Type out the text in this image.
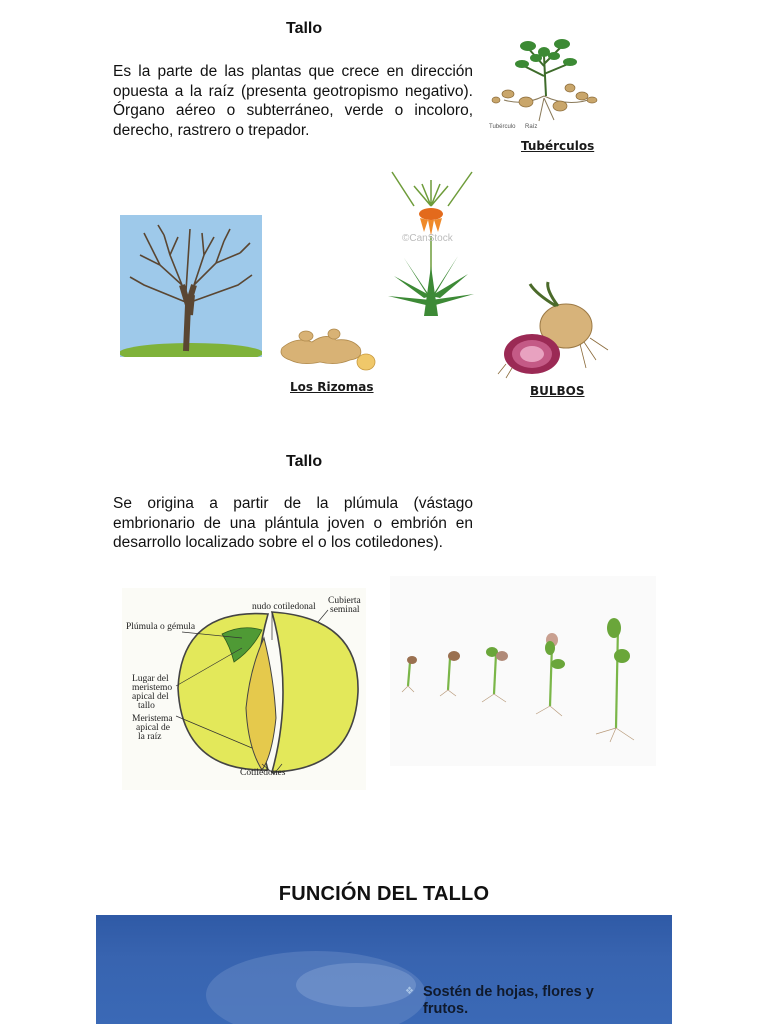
Tallo
Es la parte de las plantas que crece en dirección opuesta a la raíz (presenta geotropismo negativo). Órgano aéreo o subterráneo, verde o incoloro, derecho, rastrero o trepador.	Tubérculo Raíz
Tubérculos
Los Rizomas
©CanStock
BULBOS
Tallo
Se origina a partir de la plúmula (vástago embrionario de una plántula joven o embrión en desarrollo localizado sobre el o los cotiledones).
nudo cotiledonal
Cubierta
seminal
Plúmula o gémula
Lugar del
meristemo
apical del
tallo
Meristema
apical de
la raíz
Cotilédones
FUNCIÓN DEL TALLO
❖ Sostén de hojas, flores y
frutos.
